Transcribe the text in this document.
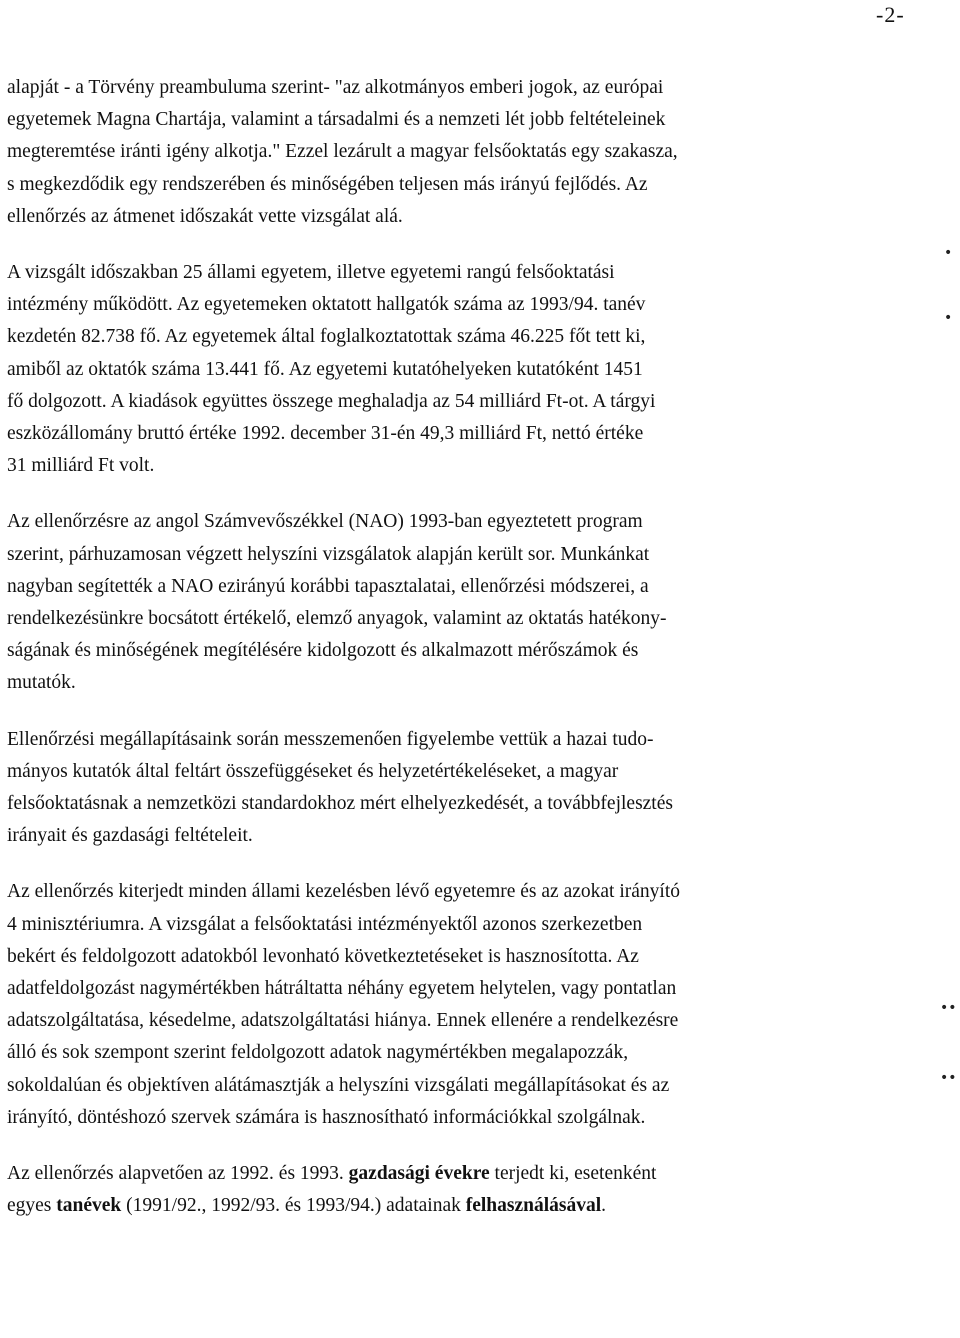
-2-

alapját - a Törvény preambuluma szerint- "az alkotmányos emberi jogok, az európai
egyetemek Magna Chartája, valamint a társadalmi és a nemzeti lét jobb feltételeinek
megteremtése iránti igény alkotja." Ezzel lezárult a magyar felsőoktatás egy szakasza,
s megkezdődik egy rendszerében és minőségében teljesen más irányú fejlődés. Az
ellenőrzés az átmenet időszakát vette vizsgálat alá.

A vizsgált időszakban 25 állami egyetem, illetve egyetemi rangú felsőoktatási
intézmény működött. Az egyetemeken oktatott hallgatók száma az 1993/94. tanév
kezdetén 82.738 fő. Az egyetemek által foglalkoztatottak száma 46.225 főt tett ki,
amiből az oktatók száma 13.441 fő. Az egyetemi kutatóhelyeken kutatóként 1451
fő dolgozott. A kiadások együttes összege meghaladja az 54 milliárd Ft-ot. A tárgyi
eszközállomány bruttó értéke 1992. december 31-én 49,3 milliárd Ft, nettó értéke
31 milliárd Ft volt.

Az ellenőrzésre az angol Számvevőszékkel (NAO) 1993-ban egyeztetett program
szerint, párhuzamosan végzett helyszíni vizsgálatok alapján került sor. Munkánkat
nagyban segítették a NAO ezirányú korábbi tapasztalatai, ellenőrzési módszerei, a
rendelkezésünkre bocsátott értékelő, elemző anyagok, valamint az oktatás hatékony-
ságának és minőségének megítélésére kidolgozott és alkalmazott mérőszámok és
mutatók.

Ellenőrzési megállapításaink során messzemenően figyelembe vettük a hazai tudo-
mányos kutatók által feltárt összefüggéseket és helyzetértékeléseket, a magyar
felsőoktatásnak a nemzetközi standardokhoz mért elhelyezkedését, a továbbfejlesztés
irányait és gazdasági feltételeit.

Az ellenőrzés kiterjedt minden állami kezelésben lévő egyetemre és az azokat irányító
4 minisztériumra. A vizsgálat a felsőoktatási intézményektől azonos szerkezetben
bekért és feldolgozott adatokból levonható következtetéseket is hasznosította. Az
adatfeldolgozást nagymértékben hátráltatta néhány egyetem helytelen, vagy pontatlan
adatszolgáltatása, késedelme, adatszolgáltatási hiánya. Ennek ellenére a rendelkezésre
álló és sok szempont szerint feldolgozott adatok nagymértékben megalapozzák,
sokoldalúan és objektíven alátámasztják a helyszíni vizsgálati megállapításokat és az
irányító, döntéshozó szervek számára is hasznosítható információkkal szolgálnak.

Az ellenőrzés alapvetően az 1992. és 1993. gazdasági évekre terjedt ki, esetenként
egyes tanévek (1991/92., 1992/93. és 1993/94.) adatainak felhasználásával.

•
•
••
••
